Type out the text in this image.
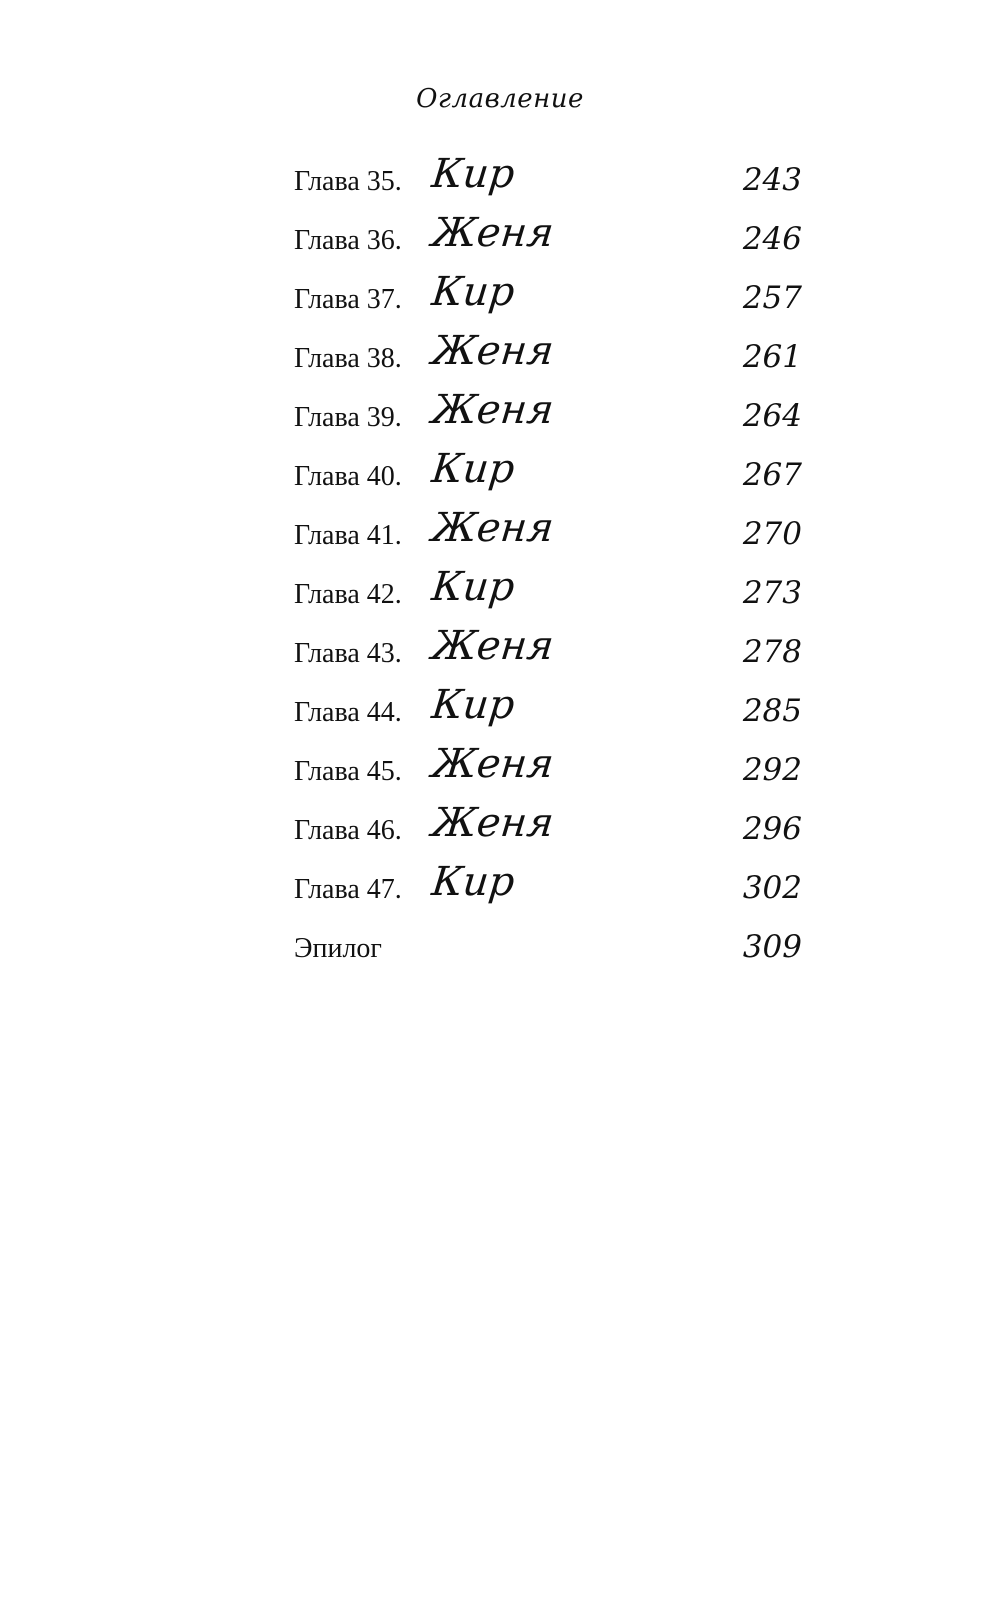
Оглавление
Глава 35. Кир	243
Глава 36. Женя	246
Глава 37. Кир	257
Глава 38. Женя	261
Глава 39. Женя	264
Глава 40. Кир	267
Глава 41. Женя	270
Глава 42. Кир	273
Глава 43. Женя	278
Глава 44. Кир	285
Глава 45. Женя	292
Глава 46. Женя	296
Глава 47. Кир	302
Эпилог	309
